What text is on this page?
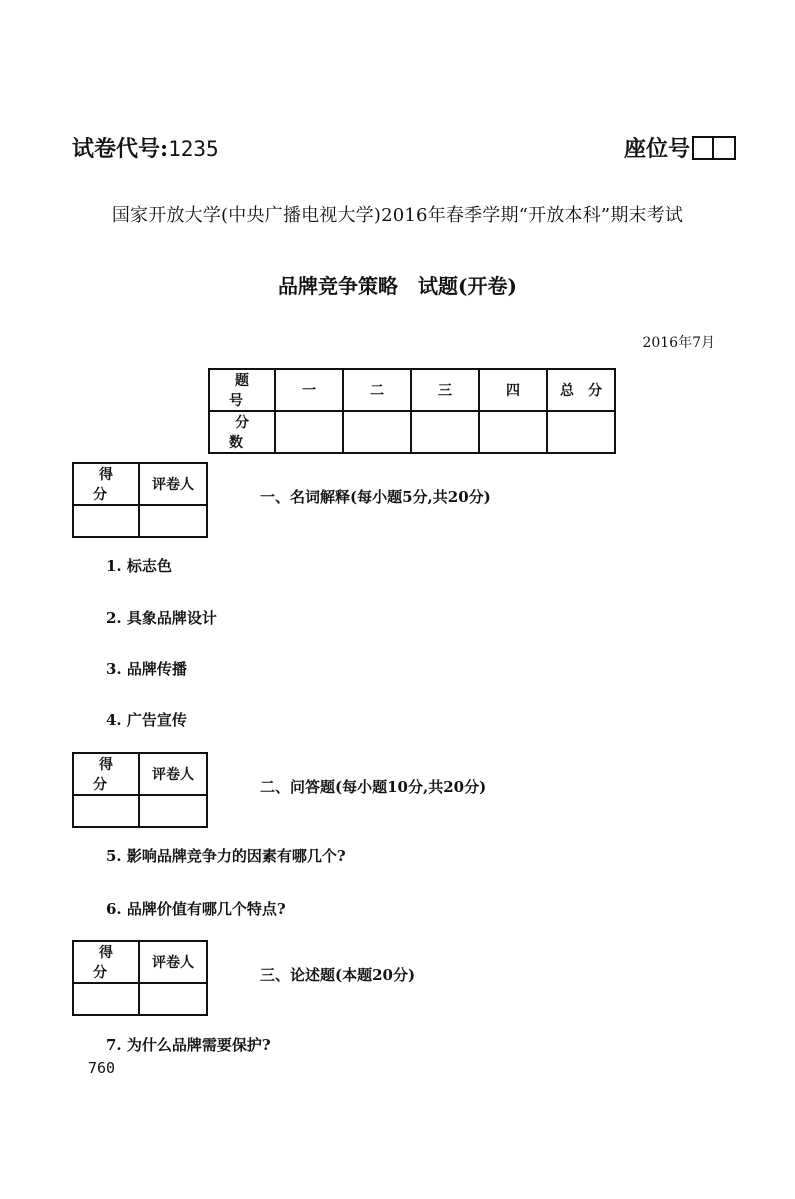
试卷代号:1235	座位号
国家开放大学(中央广播电视大学)2016年春季学期“开放本科”期末考试
品牌竞争策略　试题(开卷)
2016年7月
题　号	一	二	三	四	总　分
分　数					
得　分	评卷人

一、名词解释(每小题5分,共20分)
1. 标志色
2. 具象品牌设计
3. 品牌传播
4. 广告宣传
得　分	评卷人

二、问答题(每小题10分,共20分)
5. 影响品牌竞争力的因素有哪几个?
6. 品牌价值有哪几个特点?
得　分	评卷人

三、论述题(本题20分)
7. 为什么品牌需要保护?
760
